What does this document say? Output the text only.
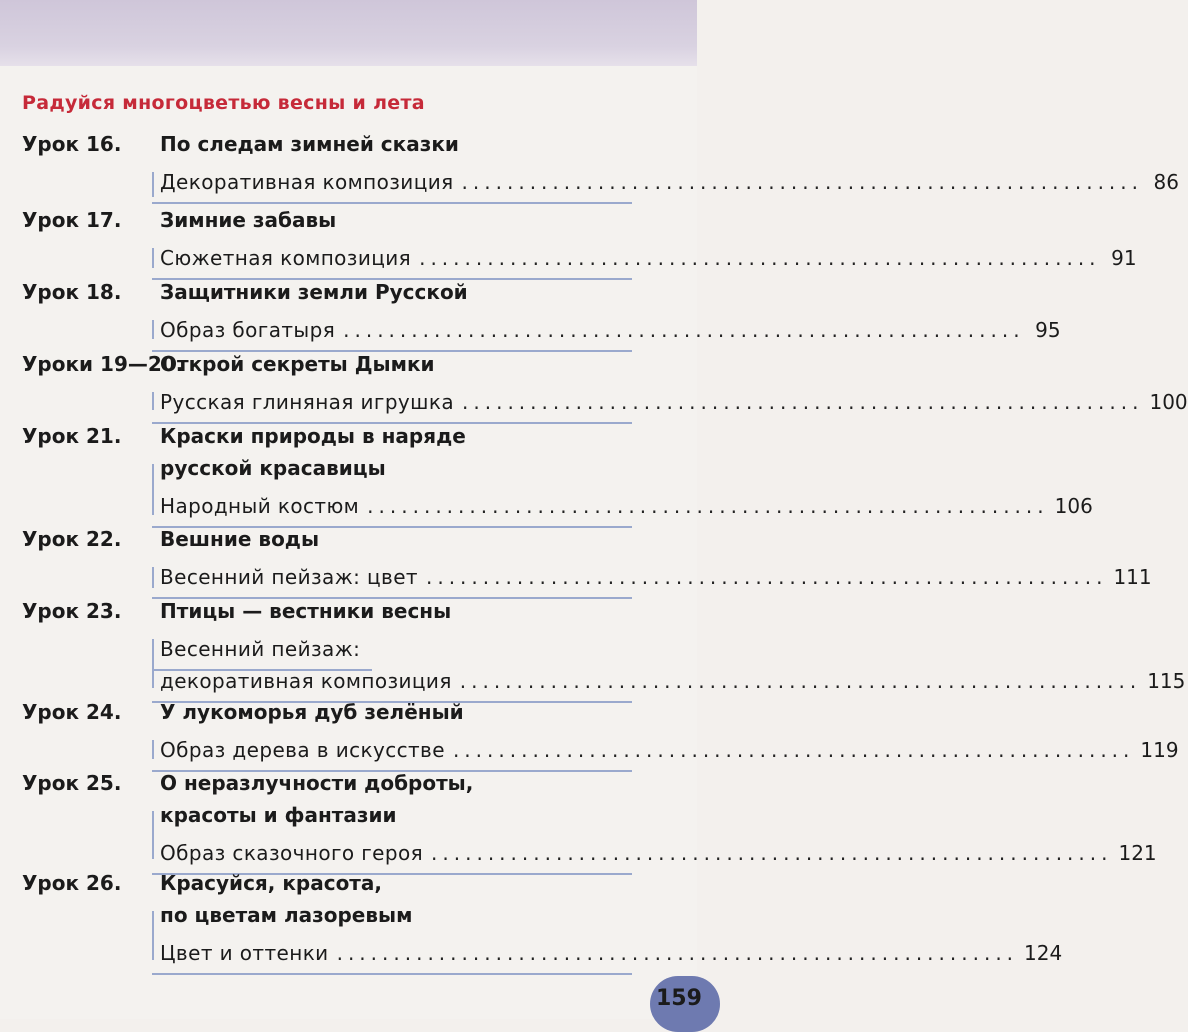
Радуйся многоцветью весны и лета
Урок 16. По следам зимней сказки
Декоративная композиция ............................................................ 86
Урок 17. Зимние забавы
Сюжетная композиция ............................................................ 91
Урок 18. Защитники земли Русской
Образ богатыря ............................................................ 95
Уроки 19—20.
Открой секреты Дымки
Русская глиняная игрушка ............................................................ 100
Урок 21. Краски природы в наряде
русской красавицы
Народный костюм ............................................................ 106
Урок 22. Вешние воды
Весенний пейзаж: цвет ............................................................ 111
Урок 23. Птицы — вестники весны
Весенний пейзаж:
декоративная композиция ............................................................ 115
Урок 24. У лукоморья дуб зелёный
Образ дерева в искусстве ............................................................ 119
Урок 25. О неразлучности доброты,
красоты и фантазии
Образ сказочного героя ............................................................ 121
Урок 26. Красуйся, красота,
по цветам лазоревым
Цвет и оттенки ............................................................ 124
159
